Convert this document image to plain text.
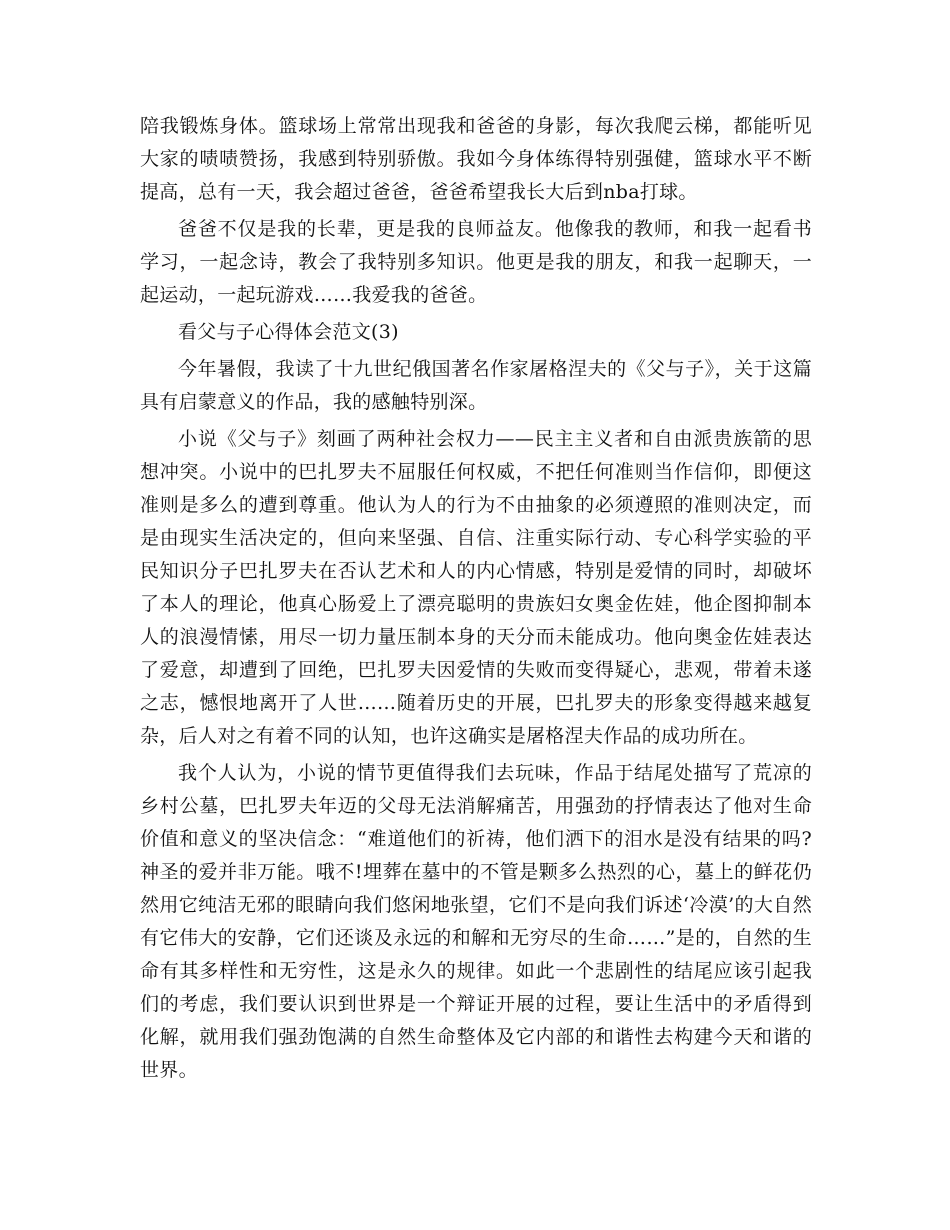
陪我锻炼身体。篮球场上常常出现我和爸爸的身影，每次我爬云梯，都能听见大家的啧啧赞扬，我感到特别骄傲。我如今身体练得特别强健，篮球水平不断提高，总有一天，我会超过爸爸，爸爸希望我长大后到nba打球。

爸爸不仅是我的长辈，更是我的良师益友。他像我的教师，和我一起看书学习，一起念诗，教会了我特别多知识。他更是我的朋友，和我一起聊天，一起运动，一起玩游戏……我爱我的爸爸。

看父与子心得体会范文(3)

今年暑假，我读了十九世纪俄国著名作家屠格涅夫的《父与子》，关于这篇具有启蒙意义的作品，我的感触特别深。

小说《父与子》刻画了两种社会权力——民主主义者和自由派贵族箭的思想冲突。小说中的巴扎罗夫不屈服任何权威，不把任何准则当作信仰，即便这准则是多么的遭到尊重。他认为人的行为不由抽象的必须遵照的准则决定，而是由现实生活决定的，但向来坚强、自信、注重实际行动、专心科学实验的平民知识分子巴扎罗夫在否认艺术和人的内心情感，特别是爱情的同时，却破坏了本人的理论，他真心肠爱上了漂亮聪明的贵族妇女奥金佐娃，他企图抑制本人的浪漫情愫，用尽一切力量压制本身的天分而未能成功。他向奥金佐娃表达了爱意，却遭到了回绝，巴扎罗夫因爱情的失败而变得疑心，悲观，带着未遂之志，憾恨地离开了人世……随着历史的开展，巴扎罗夫的形象变得越来越复杂，后人对之有着不同的认知，也许这确实是屠格涅夫作品的成功所在。

我个人认为，小说的情节更值得我们去玩味，作品于结尾处描写了荒凉的乡村公墓，巴扎罗夫年迈的父母无法消解痛苦，用强劲的抒情表达了他对生命价值和意义的坚决信念：“难道他们的祈祷，他们洒下的泪水是没有结果的吗?神圣的爱并非万能。哦不!埋葬在墓中的不管是颗多么热烈的心，墓上的鲜花仍然用它纯洁无邪的眼睛向我们悠闲地张望，它们不是向我们诉述‘冷漠’的大自然有它伟大的安静，它们还谈及永远的和解和无穷尽的生命……”是的，自然的生命有其多样性和无穷性，这是永久的规律。如此一个悲剧性的结尾应该引起我们的考虑，我们要认识到世界是一个辩证开展的过程，要让生活中的矛盾得到化解，就用我们强劲饱满的自然生命整体及它内部的和谐性去构建今天和谐的世界。
